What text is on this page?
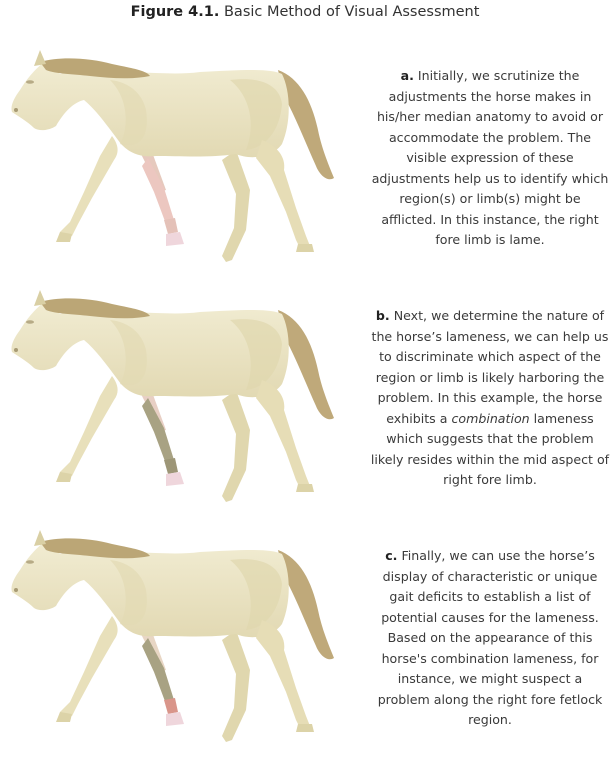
Figure 4.1. Basic Method of Visual Assessment
a. Initially, we scrutinize the adjustments the horse makes in his/her median anatomy to avoid or accommodate the problem. The visible expression of these adjustments help us to identify which region(s) or limb(s) might be afflicted. In this instance, the right fore limb is lame.
b. Next, we determine the nature of the horse’s lameness, we can help us to discriminate which aspect of the region or limb is likely harboring the problem. In this example, the horse exhibits a combination lameness which suggests that the problem likely resides within the mid aspect of right fore limb.
c. Finally, we can use the horse’s display of characteristic or unique gait deficits to establish a list of potential causes for the lameness. Based on the appearance of this horse's combination lameness, for instance, we might suspect a problem along the right fore fetlock region.
